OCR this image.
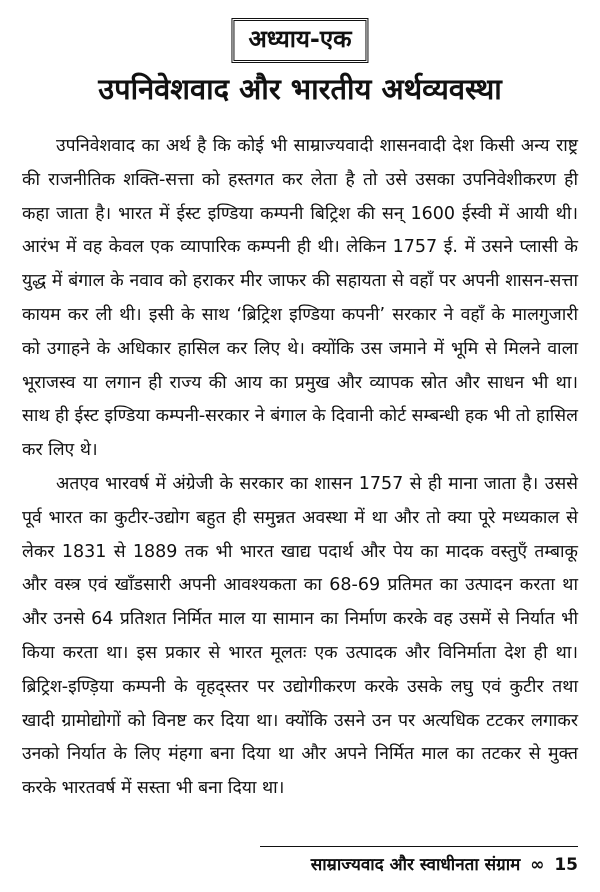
अध्याय-एक
उपनिवेशवाद और भारतीय अर्थव्यवस्था

उपनिवेशवाद का अर्थ है कि कोई भी साम्राज्यवादी शासनवादी देश किसी अन्य राष्ट्र की राजनीतिक शक्ति-सत्ता को हस्तगत कर लेता है तो उसे उसका उपनिवेशीकरण ही कहा जाता है। भारत में ईस्ट इण्डिया कम्पनी बिट्रिश की सन् 1600 ईस्वी में आयी थी। आरंभ में वह केवल एक व्यापारिक कम्पनी ही थी। लेकिन 1757 ई. में उसने प्लासी के युद्ध में बंगाल के नवाव को हराकर मीर जाफर की सहायता से वहाँ पर अपनी शासन-सत्ता कायम कर ली थी। इसी के साथ ‘ब्रिट्रिश इण्डिया कपनी’ सरकार ने वहाँ के मालगुजारी को उगाहने के अधिकार हासिल कर लिए थे। क्योंकि उस जमाने में भूमि से मिलने वाला भूराजस्व या लगान ही राज्य की आय का प्रमुख और व्यापक स्रोत और साधन भी था। साथ ही ईस्ट इण्डिया कम्पनी-सरकार ने बंगाल के दिवानी कोर्ट सम्बन्धी हक भी तो हासिल कर लिए थे।

अतएव भारवर्ष में अंग्रेजी के सरकार का शासन 1757 से ही माना जाता है। उससे पूर्व भारत का कुटीर-उद्योग बहुत ही समुन्नत अवस्था में था और तो क्या पूरे मध्यकाल से लेकर 1831 से 1889 तक भी भारत खाद्य पदार्थ और पेय का मादक वस्तुएँ तम्बाकू और वस्त्र एवं खाँडसारी अपनी आवश्यकता का 68-69 प्रतिमत का उत्पादन करता था और उनसे 64 प्रतिशत निर्मित माल या सामान का निर्माण करके वह उसमें से निर्यात भी किया करता था। इस प्रकार से भारत मूलतः एक उत्पादक और विनिर्माता देश ही था। ब्रिट्रिश-इण्ड़िया कम्पनी के वृहद्स्तर पर उद्योगीकरण करके उसके लघु एवं कुटीर तथा खादी ग्रामोद्योगों को विनष्ट कर दिया था। क्योंकि उसने उन पर अत्यधिक टटकर लगाकर उनको निर्यात के लिए मंहगा बना दिया था और अपने निर्मित माल का तटकर से मुक्त करके भारतवर्ष में सस्ता भी बना दिया था।

साम्राज्यवाद और स्वाधीनता संग्राम ∞ 15
